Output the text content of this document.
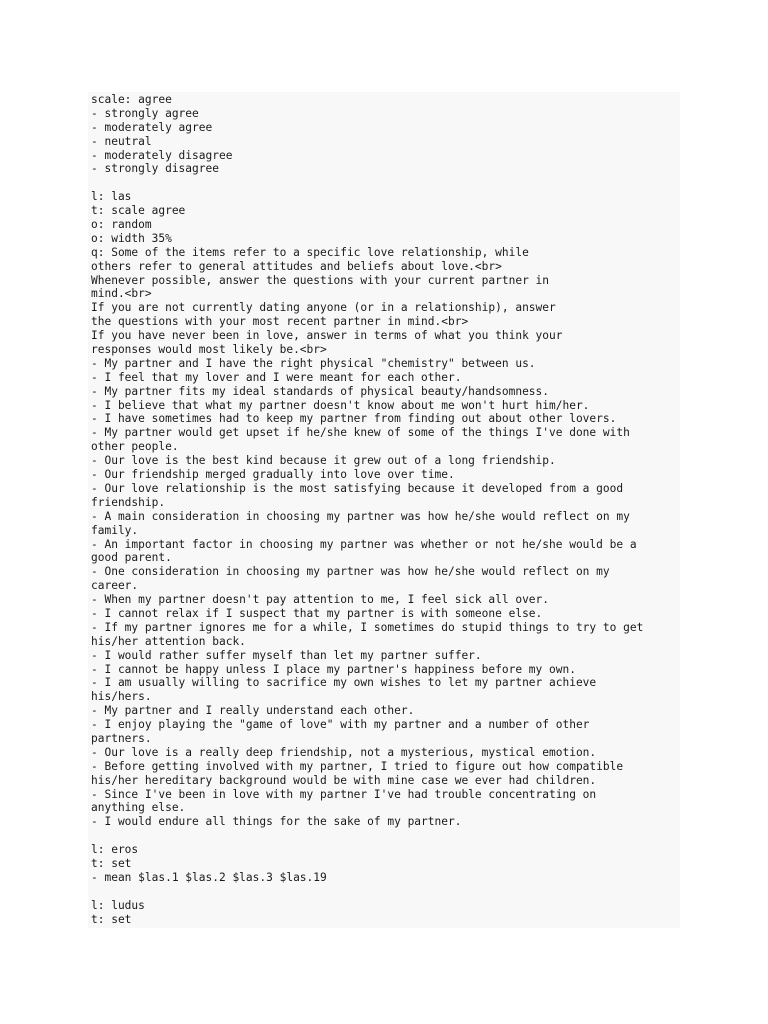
scale: agree
- strongly agree
- moderately agree
- neutral
- moderately disagree
- strongly disagree
l: las
t: scale agree
o: random
o: width 35%
q: Some of the items refer to a specific love relationship, while
others refer to general attitudes and beliefs about love.<br>
Whenever possible, answer the questions with your current partner in
mind.<br>
If you are not currently dating anyone (or in a relationship), answer
the questions with your most recent partner in mind.<br>
If you have never been in love, answer in terms of what you think your
responses would most likely be.<br>
- My partner and I have the right physical "chemistry" between us.
- I feel that my lover and I were meant for each other.
- My partner fits my ideal standards of physical beauty/handsomness.
- I believe that what my partner doesn't know about me won't hurt him/her.
- I have sometimes had to keep my partner from finding out about other lovers.
- My partner would get upset if he/she knew of some of the things I've done with
other people.
- Our love is the best kind because it grew out of a long friendship.
- Our friendship merged gradually into love over time.
- Our love relationship is the most satisfying because it developed from a good
friendship.
- A main consideration in choosing my partner was how he/she would reflect on my
family.
- An important factor in choosing my partner was whether or not he/she would be a
good parent.
- One consideration in choosing my partner was how he/she would reflect on my
career.
- When my partner doesn't pay attention to me, I feel sick all over.
- I cannot relax if I suspect that my partner is with someone else.
- If my partner ignores me for a while, I sometimes do stupid things to try to get
his/her attention back.
- I would rather suffer myself than let my partner suffer.
- I cannot be happy unless I place my partner's happiness before my own.
- I am usually willing to sacrifice my own wishes to let my partner achieve
his/hers.
- My partner and I really understand each other.
- I enjoy playing the "game of love" with my partner and a number of other
partners.
- Our love is a really deep friendship, not a mysterious, mystical emotion.
- Before getting involved with my partner, I tried to figure out how compatible
his/her hereditary background would be with mine case we ever had children.
- Since I've been in love with my partner I've had trouble concentrating on
anything else.
- I would endure all things for the sake of my partner.
l: eros
t: set
- mean $las.1 $las.2 $las.3 $las.19
l: ludus
t: set
